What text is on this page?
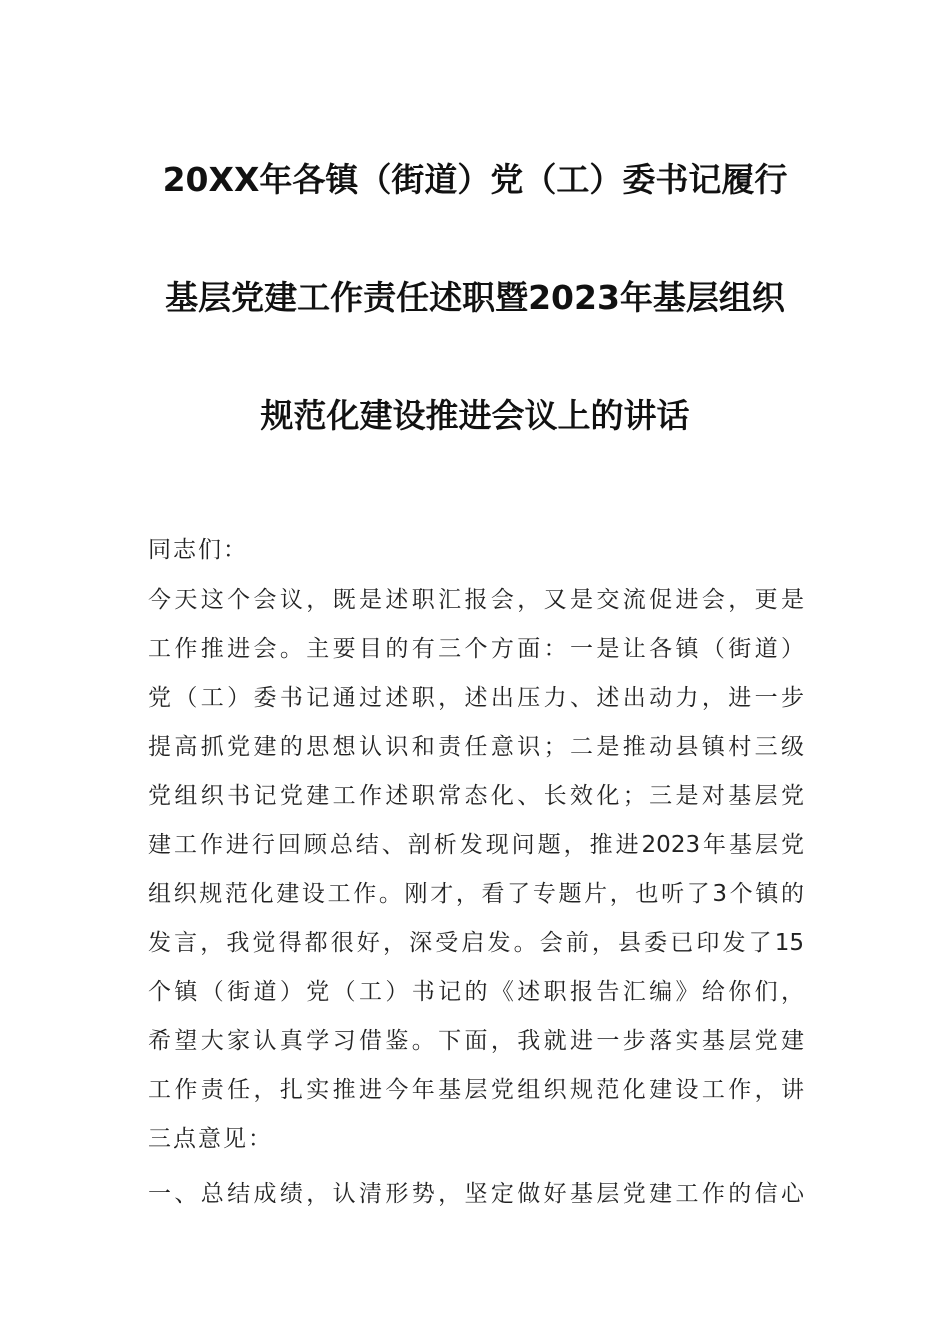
20XX年各镇（街道）党（工）委书记履行
基层党建工作责任述职暨2023年基层组织
规范化建设推进会议上的讲话
同志们：
今天这个会议，既是述职汇报会，又是交流促进会，更是
工作推进会。主要目的有三个方面：一是让各镇（街道）
党（工）委书记通过述职，述出压力、述出动力，进一步
提高抓党建的思想认识和责任意识；二是推动县镇村三级
党组织书记党建工作述职常态化、长效化；三是对基层党
建工作进行回顾总结、剖析发现问题，推进2023年基层党
组织规范化建设工作。刚才，看了专题片，也听了3个镇的
发言，我觉得都很好，深受启发。会前，县委已印发了15
个镇（街道）党（工）书记的《述职报告汇编》给你们，
希望大家认真学习借鉴。下面，我就进一步落实基层党建
工作责任，扎实推进今年基层党组织规范化建设工作，讲
三点意见：
一、总结成绩，认清形势，坚定做好基层党建工作的信心
